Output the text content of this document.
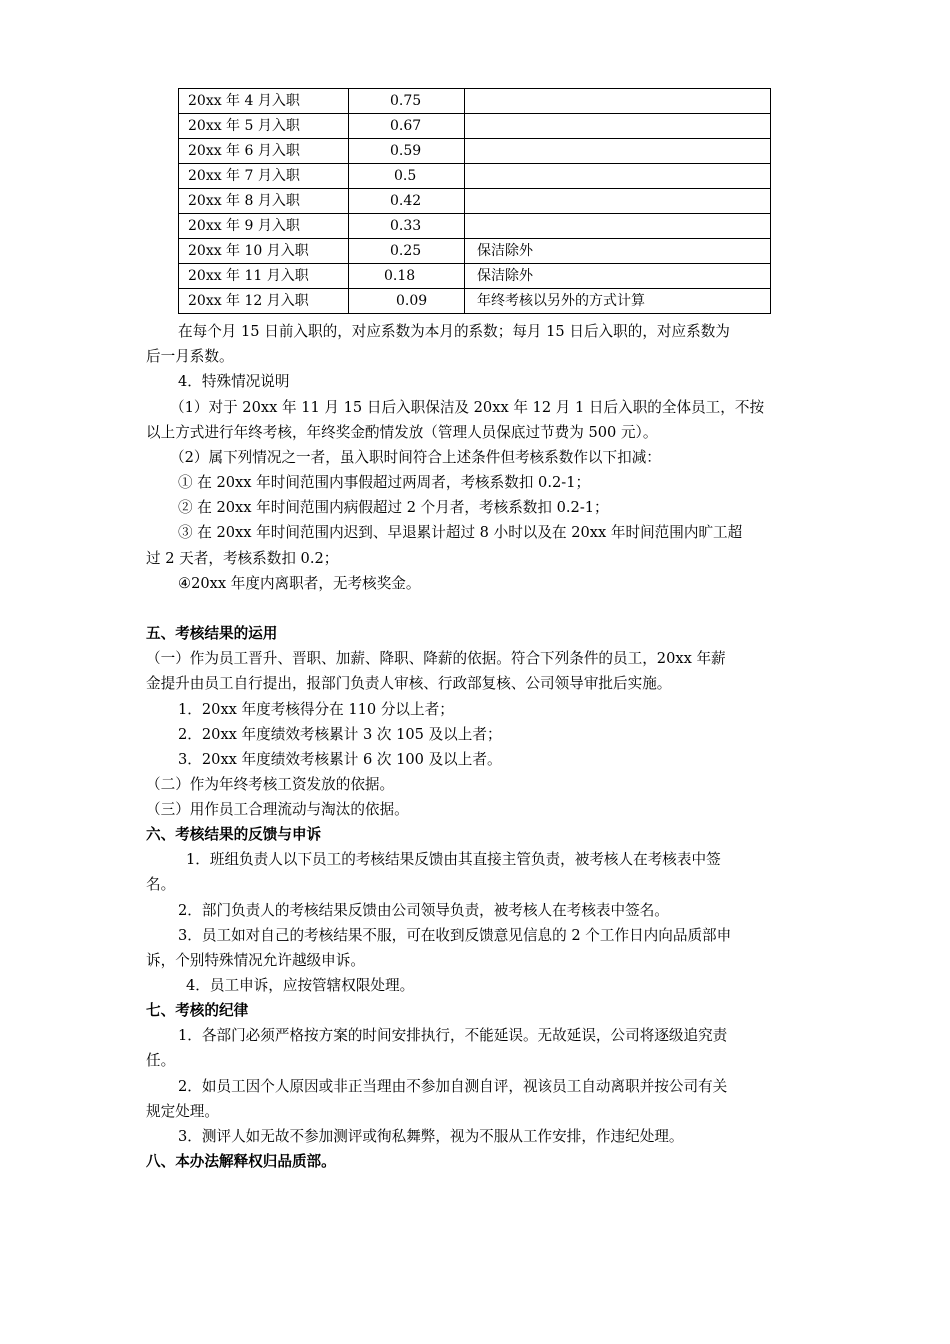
20xx 年 4 月入职	0.75	
20xx 年 5 月入职	0.67	
20xx 年 6 月入职	0.59	
20xx 年 7 月入职	0.5	
20xx 年 8 月入职	0.42	
20xx 年 9 月入职	0.33	
20xx 年 10 月入职	0.25	保洁除外
20xx 年 11 月入职	0.18	保洁除外
20xx 年 12 月入职	0.09	年终考核以另外的方式计算
在每个月 15 日前入职的，对应系数为本月的系数；每月 15 日后入职的，对应系数为
后一月系数。
4．特殊情况说明
（1）对于 20xx 年 11 月 15 日后入职保洁及 20xx 年 12 月 1 日后入职的全体员工，不按
以上方式进行年终考核，年终奖金酌情发放（管理人员保底过节费为 500 元）。
（2）属下列情况之一者，虽入职时间符合上述条件但考核系数作以下扣减：
① 在 20xx 年时间范围内事假超过两周者，考核系数扣 0.2-1；
② 在 20xx 年时间范围内病假超过 2 个月者，考核系数扣 0.2-1；
③ 在 20xx 年时间范围内迟到、早退累计超过 8 小时以及在 20xx 年时间范围内旷工超
过 2 天者，考核系数扣 0.2；
④20xx 年度内离职者，无考核奖金。
五、考核结果的运用
（一）作为员工晋升、晋职、加薪、降职、降薪的依据。符合下列条件的员工，20xx 年薪
金提升由员工自行提出，报部门负责人审核、行政部复核、公司领导审批后实施。
1．20xx 年度考核得分在 110 分以上者；
2．20xx 年度绩效考核累计 3 次 105 及以上者；
3．20xx 年度绩效考核累计 6 次 100 及以上者。
（二）作为年终考核工资发放的依据。
（三）用作员工合理流动与淘汰的依据。
六、考核结果的反馈与申诉
1．班组负责人以下员工的考核结果反馈由其直接主管负责，被考核人在考核表中签
名。
2．部门负责人的考核结果反馈由公司领导负责，被考核人在考核表中签名。
3．员工如对自己的考核结果不服，可在收到反馈意见信息的 2 个工作日内向品质部申
诉，个别特殊情况允许越级申诉。
4．员工申诉，应按管辖权限处理。
七、考核的纪律
1．各部门必须严格按方案的时间安排执行，不能延误。无故延误，公司将逐级追究责
任。
2．如员工因个人原因或非正当理由不参加自测自评，视该员工自动离职并按公司有关
规定处理。
3．测评人如无故不参加测评或徇私舞弊，视为不服从工作安排，作违纪处理。
八、本办法解释权归品质部。
